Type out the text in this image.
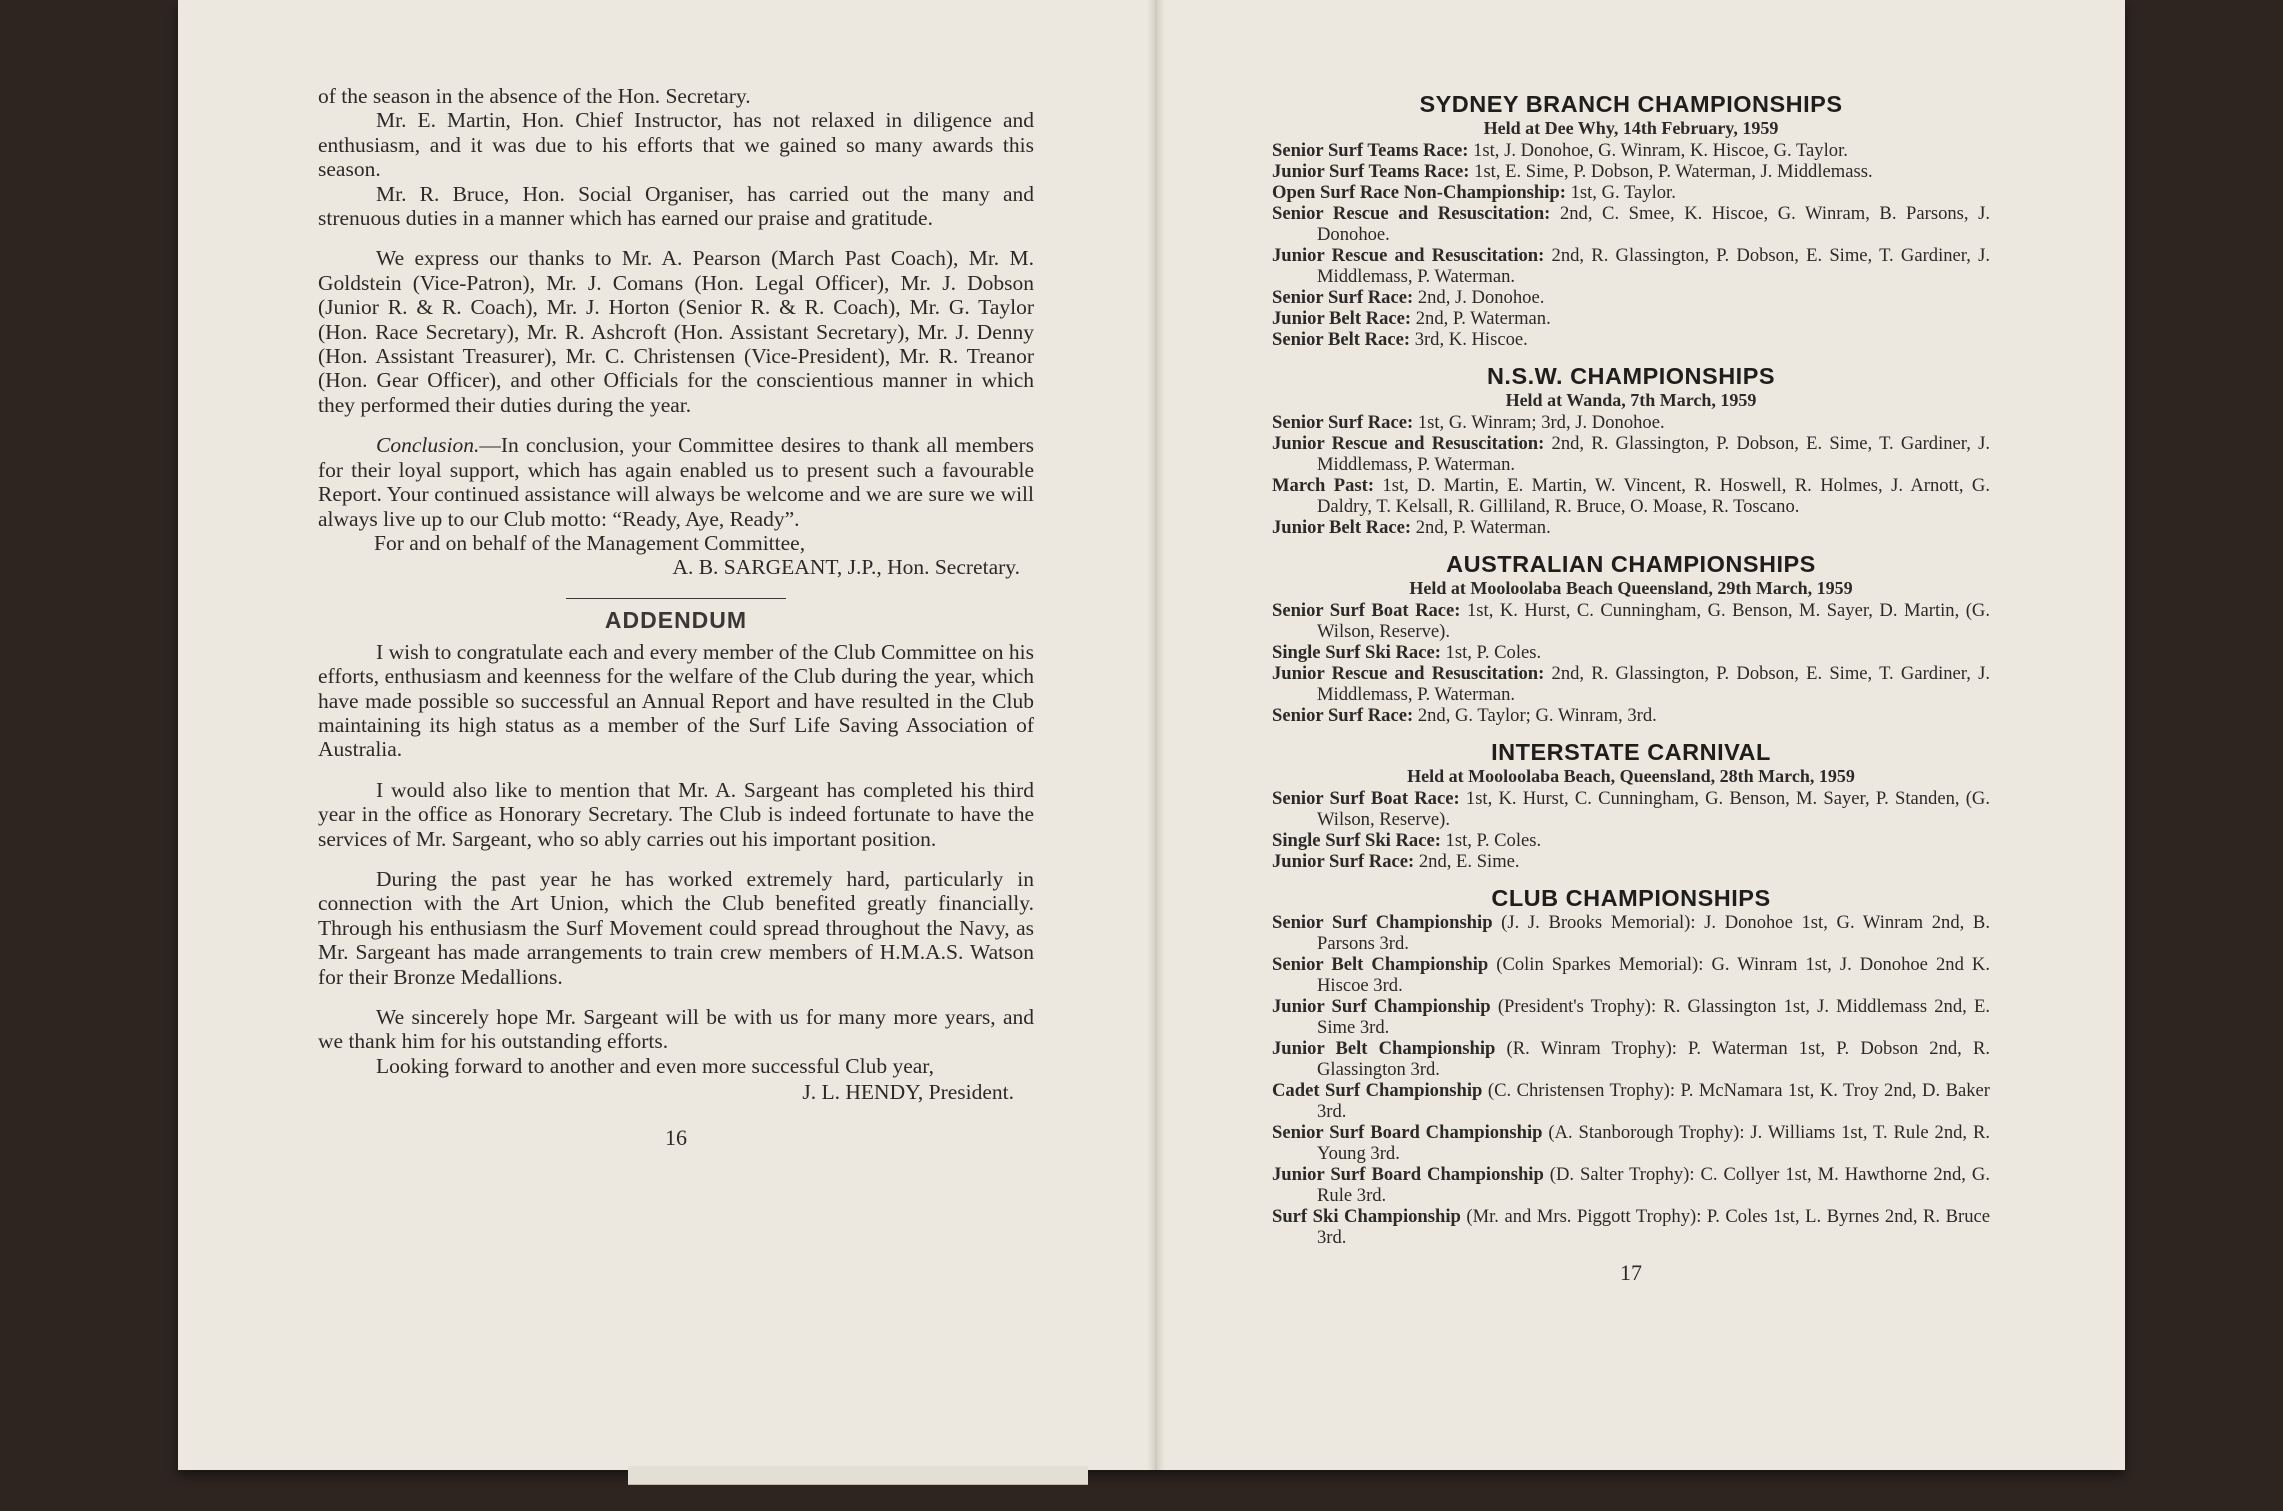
of the season in the absence of the Hon. Secretary.

Mr. E. Martin, Hon. Chief Instructor, has not relaxed in diligence and enthusiasm, and it was due to his efforts that we gained so many awards this season.

Mr. R. Bruce, Hon. Social Organiser, has carried out the many and strenuous duties in a manner which has earned our praise and gratitude.

We express our thanks to Mr. A. Pearson (March Past Coach), Mr. M. Goldstein (Vice-Patron), Mr. J. Comans (Hon. Legal Officer), Mr. J. Dobson (Junior R. & R. Coach), Mr. J. Horton (Senior R. & R. Coach), Mr. G. Taylor (Hon. Race Secretary), Mr. R. Ashcroft (Hon. Assistant Secretary), Mr. J. Denny (Hon. Assistant Treasurer), Mr. C. Christensen (Vice-President), Mr. R. Treanor (Hon. Gear Officer), and other Officials for the conscientious manner in which they performed their duties during the year.

Conclusion.—In conclusion, your Committee desires to thank all members for their loyal support, which has again enabled us to present such a favourable Report. Your continued assistance will always be welcome and we are sure we will always live up to our Club motto: “Ready, Aye, Ready”.

For and on behalf of the Management Committee,
A. B. SARGEANT, J.P., Hon. Secretary.

ADDENDUM

I wish to congratulate each and every member of the Club Committee on his efforts, enthusiasm and keenness for the welfare of the Club during the year, which have made possible so successful an Annual Report and have resulted in the Club maintaining its high status as a member of the Surf Life Saving Association of Australia.

I would also like to mention that Mr. A. Sargeant has completed his third year in the office as Honorary Secretary. The Club is indeed fortunate to have the services of Mr. Sargeant, who so ably carries out his important position.

During the past year he has worked extremely hard, particularly in connection with the Art Union, which the Club benefited greatly financially. Through his enthusiasm the Surf Movement could spread throughout the Navy, as Mr. Sargeant has made arrangements to train crew members of H.M.A.S. Watson for their Bronze Medallions.

We sincerely hope Mr. Sargeant will be with us for many more years, and we thank him for his outstanding efforts.

Looking forward to another and even more successful Club year,

J. L. HENDY, President.

16
SYDNEY BRANCH CHAMPIONSHIPS
Held at Dee Why, 14th February, 1959
Senior Surf Teams Race: 1st, J. Donohoe, G. Winram, K. Hiscoe, G. Taylor.
Junior Surf Teams Race: 1st, E. Sime, P. Dobson, P. Waterman, J. Middlemass.
Open Surf Race Non-Championship: 1st, G. Taylor.
Senior Rescue and Resuscitation: 2nd, C. Smee, K. Hiscoe, G. Winram, B. Parsons, J. Donohoe.
Junior Rescue and Resuscitation: 2nd, R. Glassington, P. Dobson, E. Sime, T. Gardiner, J. Middlemass, P. Waterman.
Senior Surf Race: 2nd, J. Donohoe.
Junior Belt Race: 2nd, P. Waterman.
Senior Belt Race: 3rd, K. Hiscoe.
N.S.W. CHAMPIONSHIPS
Held at Wanda, 7th March, 1959
Senior Surf Race: 1st, G. Winram; 3rd, J. Donohoe.
Junior Rescue and Resuscitation: 2nd, R. Glassington, P. Dobson, E. Sime, T. Gardiner, J. Middlemass, P. Waterman.
March Past: 1st, D. Martin, E. Martin, W. Vincent, R. Hoswell, R. Holmes, J. Arnott, G. Daldry, T. Kelsall, R. Gilliland, R. Bruce, O. Moase, R. Toscano.
Junior Belt Race: 2nd, P. Waterman.
AUSTRALIAN CHAMPIONSHIPS
Held at Mooloolaba Beach Queensland, 29th March, 1959
Senior Surf Boat Race: 1st, K. Hurst, C. Cunningham, G. Benson, M. Sayer, D. Martin, (G. Wilson, Reserve).
Single Surf Ski Race: 1st, P. Coles.
Junior Rescue and Resuscitation: 2nd, R. Glassington, P. Dobson, E. Sime, T. Gardiner, J. Middlemass, P. Waterman.
Senior Surf Race: 2nd, G. Taylor; G. Winram, 3rd.
INTERSTATE CARNIVAL
Held at Mooloolaba Beach, Queensland, 28th March, 1959
Senior Surf Boat Race: 1st, K. Hurst, C. Cunningham, G. Benson, M. Sayer, P. Standen, (G. Wilson, Reserve).
Single Surf Ski Race: 1st, P. Coles.
Junior Surf Race: 2nd, E. Sime.
CLUB CHAMPIONSHIPS
Senior Surf Championship (J. J. Brooks Memorial): J. Donohoe 1st, G. Winram 2nd, B. Parsons 3rd.
Senior Belt Championship (Colin Sparkes Memorial): G. Winram 1st, J. Donohoe 2nd K. Hiscoe 3rd.
Junior Surf Championship (President's Trophy): R. Glassington 1st, J. Middlemass 2nd, E. Sime 3rd.
Junior Belt Championship (R. Winram Trophy): P. Waterman 1st, P. Dobson 2nd, R. Glassington 3rd.
Cadet Surf Championship (C. Christensen Trophy): P. McNamara 1st, K. Troy 2nd, D. Baker 3rd.
Senior Surf Board Championship (A. Stanborough Trophy): J. Williams 1st, T. Rule 2nd, R. Young 3rd.
Junior Surf Board Championship (D. Salter Trophy): C. Collyer 1st, M. Hawthorne 2nd, G. Rule 3rd.
Surf Ski Championship (Mr. and Mrs. Piggott Trophy): P. Coles 1st, L. Byrnes 2nd, R. Bruce 3rd.
17
